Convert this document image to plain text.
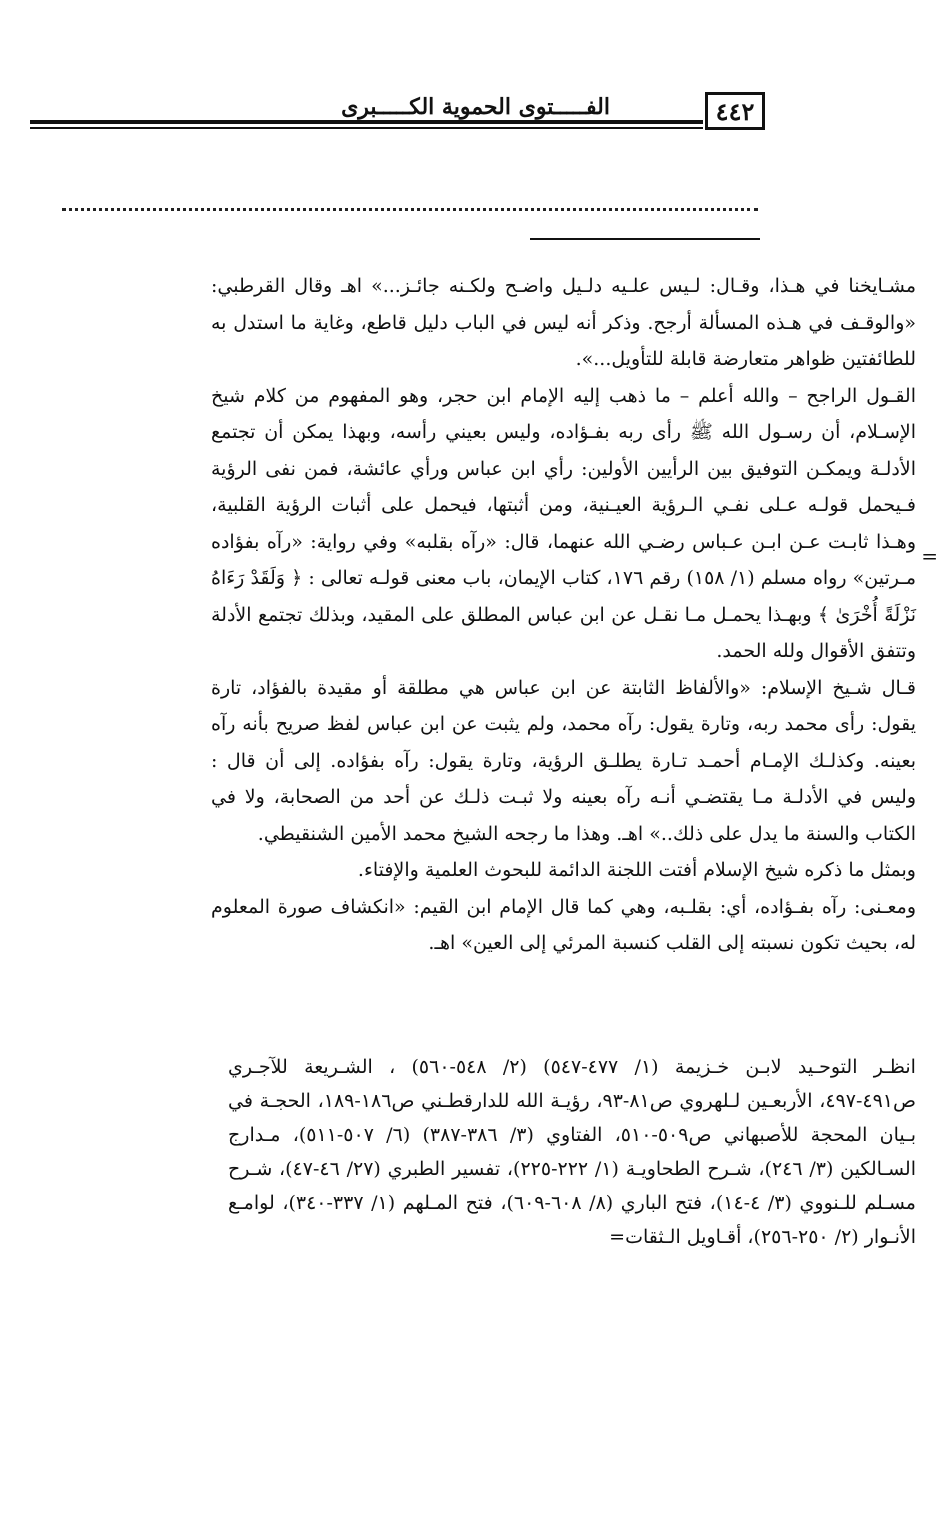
٤٤٢
الفـــــتوى الحموية الكـــــبرى
=

مشـايخنا في هـذا، وقـال: لـيس علـيه دلـيل واضـح ولكـنه جائـز...» اهـ وقال القرطبي: «والوقـف في هـذه المسألة أرجح. وذكر أنه ليس في الباب دليل قاطع، وغاية ما استدل به للطائفتين ظواهر متعارضة قابلة للتأويل...».

القـول الراجح – والله أعلم – ما ذهب إليه الإمام ابن حجر، وهو المفهوم من كلام شيخ الإسـلام، أن رسـول الله ﷺ رأى ربه بفـؤاده، وليس بعيني رأسه، وبهذا يمكن أن تجتمع الأدلـة ويمكـن التوفيق بين الرأيين الأولين: رأي ابن عباس ورأي عائشة، فمن نفى الرؤية فـيحمل قولـه عـلى نفـي الـرؤية العيـنية، ومن أثبتها، فيحمل على أثبات الرؤية القلبية، وهـذا ثابـت عـن ابـن عـباس رضـي الله عنهما، قال: «رآه بقلبه» وفي رواية: «رآه بفؤاده مـرتين» رواه مسلم (١/ ١٥٨) رقم ١٧٦، كتاب الإيمان، باب معنى قولـه تعالى : ﴿ وَلَقَدْ رَءَاهُ نَزْلَةً أُخْرَىٰ ﴾ وبهـذا يحمـل مـا نقـل عن ابن عباس المطلق على المقيد، وبذلك تجتمع الأدلة وتتفق الأقوال ولله الحمد.

قـال شـيخ الإسلام: «والألفاظ الثابتة عن ابن عباس هي مطلقة أو مقيدة بالفؤاد، تارة يقول: رأى محمد ربه، وتارة يقول: رآه محمد، ولم يثبت عن ابن عباس لفظ صريح بأنه رآه بعينه. وكذلـك الإمـام أحمـد تـارة يطلـق الرؤية، وتارة يقول: رآه بفؤاده. إلى أن قال : وليس في الأدلـة مـا يقتضـي أنـه رآه بعينه ولا ثبـت ذلـك عن أحد من الصحابة، ولا في الكتاب والسنة ما يدل على ذلك..» اهـ. وهذا ما رجحه الشيخ محمد الأمين الشنقيطي.

وبمثل ما ذكره شيخ الإسلام أفتت اللجنة الدائمة للبحوث العلمية والإفتاء.

ومعـنى: رآه بفـؤاده، أي: بقلـبه، وهي كما قال الإمام ابن القيم: «انكشاف صورة المعلوم له، بحيث تكون نسبته إلى القلب كنسبة المرئي إلى العين» اهـ.

انظـر التوحـيد لابـن خـزيمة (١/ ٤٧٧-٥٤٧) (٢/ ٥٤٨-٥٦٠) ، الشـريعة للآجـري ص٤٩١-٤٩٧، الأربعـين لـلهروي ص٨١-٩٣، رؤيـة الله للدارقطـني ص١٨٦-١٨٩، الحجـة في بـيان المحجة للأصبهاني ص٥٠٩-٥١٠، الفتاوي (٣/ ٣٨٦-٣٨٧) (٦/ ٥٠٧-٥١١)، مـدارج السـالكين (٣/ ٢٤٦)، شـرح الطحاويـة (١/ ٢٢٢-٢٢٥)، تفسير الطبري (٢٧/ ٤٦-٤٧)، شـرح مسـلم للـنووي (٣/ ٤-١٤)، فتح الباري (٨/ ٦٠٨-٦٠٩)، فتح المـلهم (١/ ٣٣٧-٣٤٠)، لوامـع الأنـوار (٢/ ٢٥٠-٢٥٦)، أقـاويل الـثقات=
